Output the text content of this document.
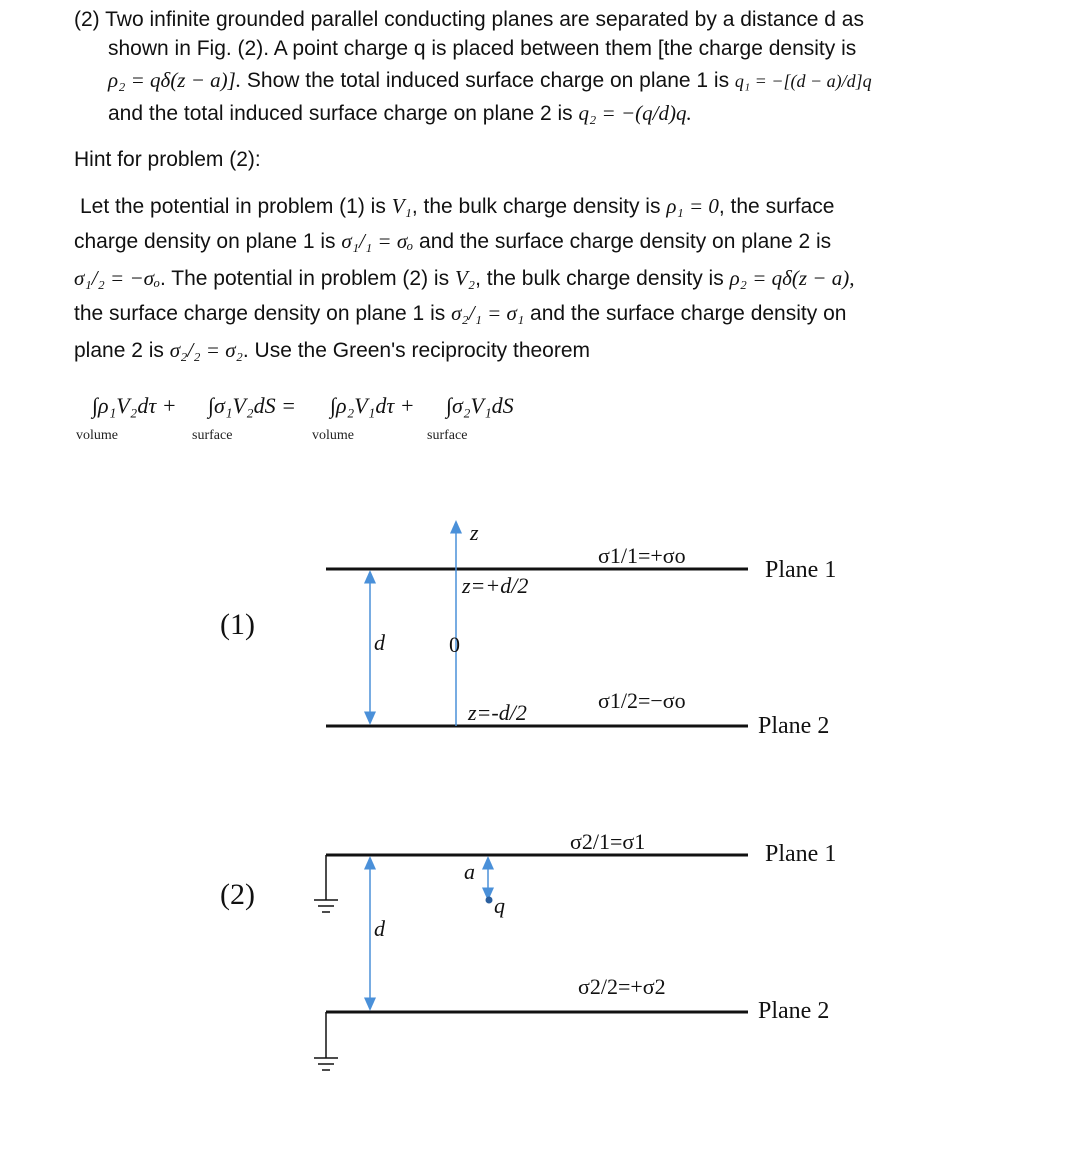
(2) Two infinite grounded parallel conducting planes are separated by a distance d as
shown in Fig. (2). A point charge q is placed between them [the charge density is
ρ₂ = qδ(z − a)]. Show the total induced surface charge on plane 1 is q₁ = −[(d − a)/d]q
and the total induced surface charge on plane 2 is q₂ = −(q/d)q.
Hint for problem (2):
Let the potential in problem (1) is V₁, the bulk charge density is ρ₁ = 0, the surface
charge density on plane 1 is σ₁/₁ = σₒ and the surface charge density on plane 2 is
σ₁/₂ = −σₒ. The potential in problem (2) is V₂, the bulk charge density is ρ₂ = qδ(z − a),
the surface charge density on plane 1 is σ₂/₁ = σ₁ and the surface charge density on
plane 2 is σ₂/₂ = σ₂. Use the Green's reciprocity theorem
∫ρ₁V₂dτ + ∫σ₁V₂dS = ∫ρ₂V₁dτ + ∫σ₂V₁dS
volume	surface	volume	surface
(1)
z
z=+d/2
0
d
z=-d/2
σ1/1=+σo
σ1/2=−σo
Plane 1
Plane 2
(2)
a
q
d
σ2/1=σ1
σ2/2=+σ2
Plane 1
Plane 2
